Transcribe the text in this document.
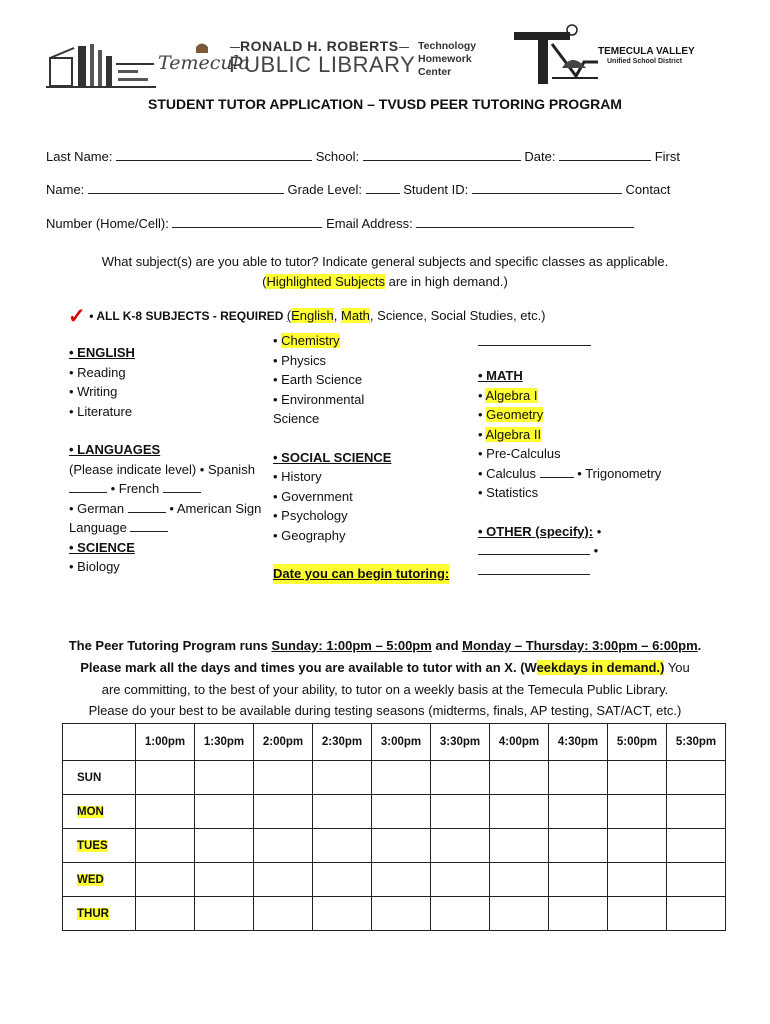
RONALD H. ROBERTS
Temecula
PUBLIC LIBRARY
Technology
Homework
Center
TEMECULA VALLEY
Unified School District
STUDENT TUTOR APPLICATION – TVUSD PEER TUTORING PROGRAM
Last Name:	School:	Date:	First
Name:	Grade Level:	Student ID:	Contact
Number (Home/Cell):	Email Address:
What subject(s) are you able to tutor? Indicate general subjects and specific classes as applicable.
(Highlighted Subjects are in high demand.)
✓ • ALL K-8 SUBJECTS - REQUIRED (English, Math, Science, Social Studies, etc.)
• ENGLISH
• Reading
• Writing
• Literature
• LANGUAGES
(Please indicate level) • Spanish
• French
• German	• American Sign
Language
• SCIENCE
• Biology
• Chemistry
• Physics
• Earth Science
• Environmental
Science
• SOCIAL SCIENCE
• History
• Government
• Psychology
• Geography
Date you can begin tutoring:
• MATH
• Algebra I
• Geometry
• Algebra II
• Pre-Calculus
• Calculus	• Trigonometry
• Statistics
• OTHER (specify): •
•
The Peer Tutoring Program runs Sunday: 1:00pm – 5:00pm and Monday – Thursday: 3:00pm – 6:00pm.
Please mark all the days and times you are available to tutor with an X. (Weekdays in demand.) You
are committing, to the best of your ability, to tutor on a weekly basis at the Temecula Public Library.
Please do your best to be available during testing seasons (midterms, finals, AP testing, SAT/ACT, etc.)
	1:00pm	1:30pm	2:00pm	2:30pm	3:00pm	3:30pm	4:00pm	4:30pm	5:00pm	5:30pm
SUN										
MON										
TUES										
WED										
THUR										
